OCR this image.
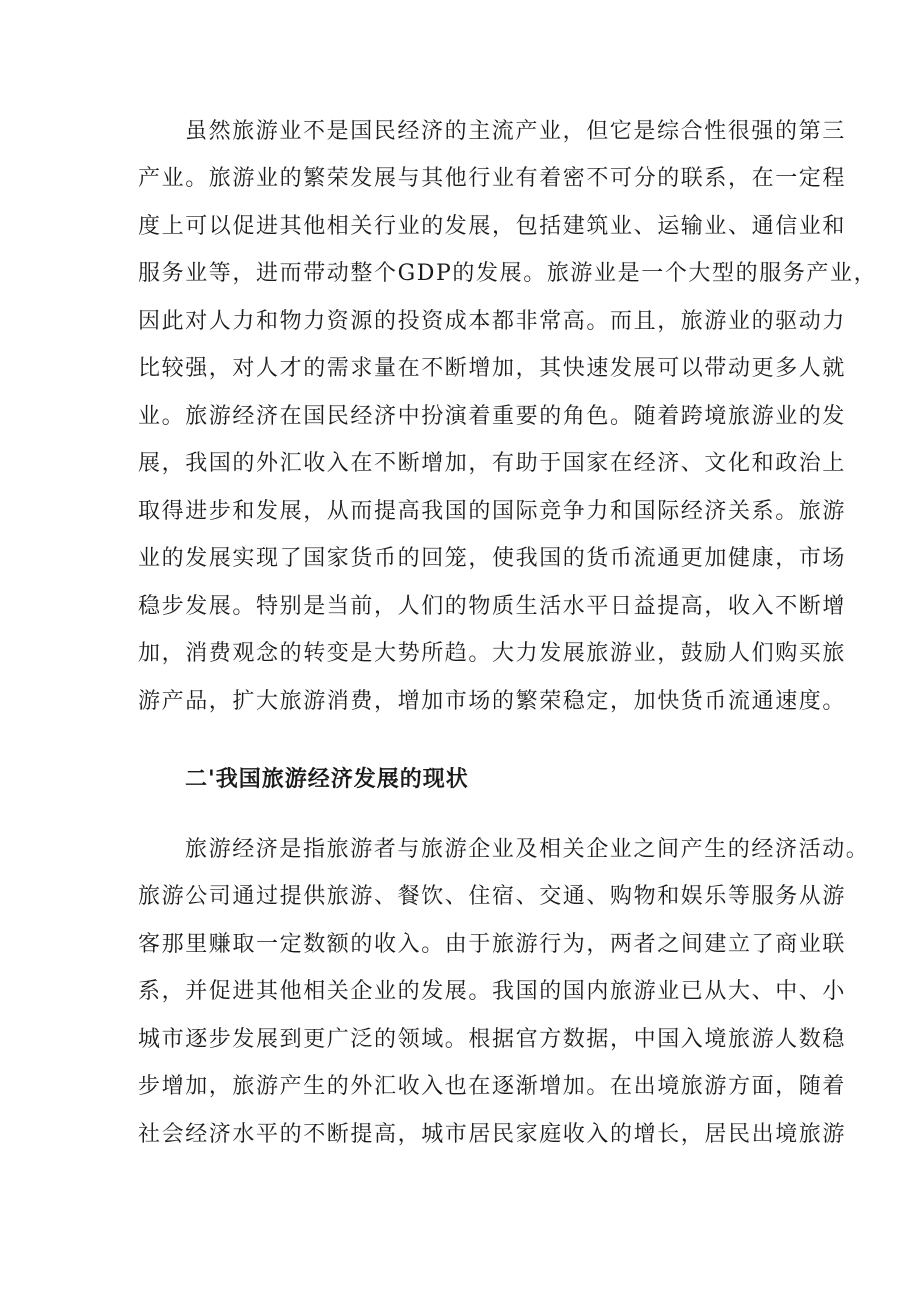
虽然旅游业不是国民经济的主流产业，但它是综合性很强的第三
产业。旅游业的繁荣发展与其他行业有着密不可分的联系，在一定程
度上可以促进其他相关行业的发展，包括建筑业、运输业、通信业和
服务业等，进而带动整个GDP的发展。旅游业是一个大型的服务产业，
因此对人力和物力资源的投资成本都非常高。而且，旅游业的驱动力
比较强，对人才的需求量在不断增加，其快速发展可以带动更多人就
业。旅游经济在国民经济中扮演着重要的角色。随着跨境旅游业的发
展，我国的外汇收入在不断增加，有助于国家在经济、文化和政治上
取得进步和发展，从而提高我国的国际竞争力和国际经济关系。旅游
业的发展实现了国家货币的回笼，使我国的货币流通更加健康，市场
稳步发展。特别是当前，人们的物质生活水平日益提高，收入不断增
加，消费观念的转变是大势所趋。大力发展旅游业，鼓励人们购买旅
游产品，扩大旅游消费，增加市场的繁荣稳定，加快货币流通速度。
二'我国旅游经济发展的现状
旅游经济是指旅游者与旅游企业及相关企业之间产生的经济活动。
旅游公司通过提供旅游、餐饮、住宿、交通、购物和娱乐等服务从游
客那里赚取一定数额的收入。由于旅游行为，两者之间建立了商业联
系，并促进其他相关企业的发展。我国的国内旅游业已从大、中、小
城市逐步发展到更广泛的领域。根据官方数据，中国入境旅游人数稳
步增加，旅游产生的外汇收入也在逐渐增加。在出境旅游方面，随着
社会经济水平的不断提高，城市居民家庭收入的增长，居民出境旅游
